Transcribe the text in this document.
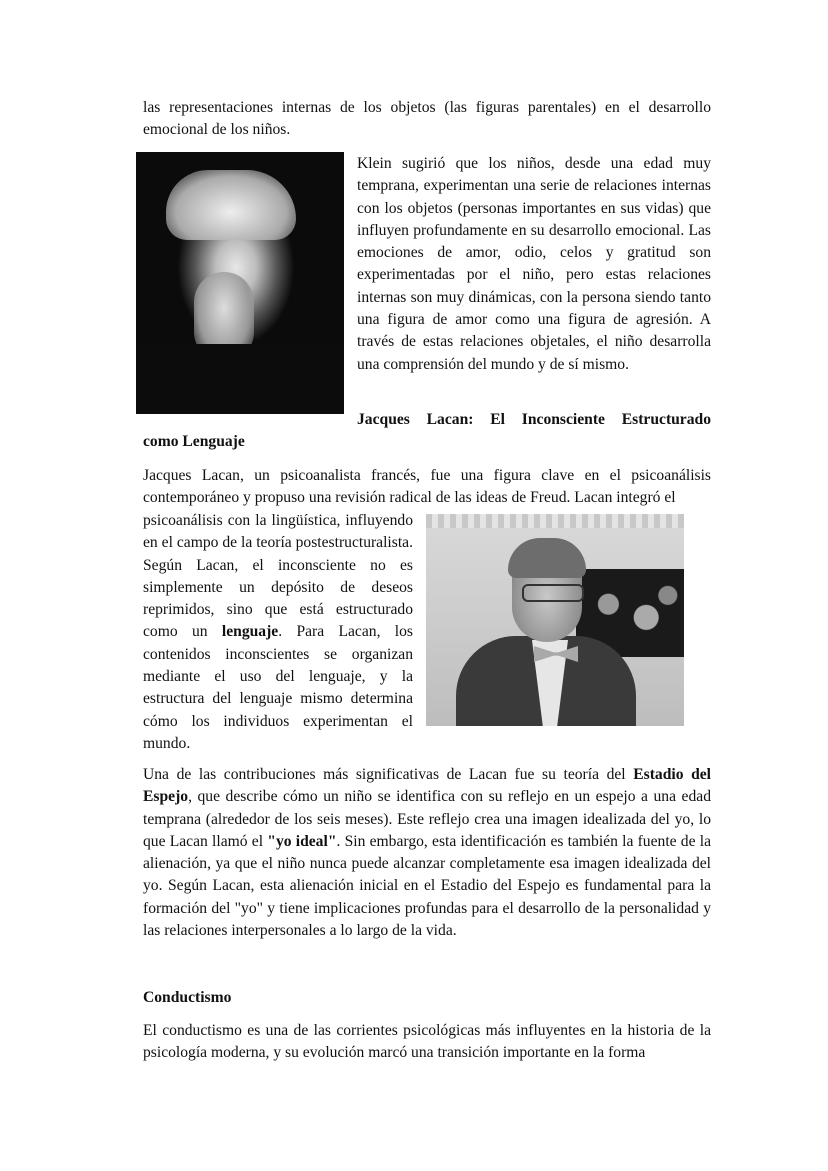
las representaciones internas de los objetos (las figuras parentales) en el desarrollo emocional de los niños.

Klein sugirió que los niños, desde una edad muy temprana, experimentan una serie de relaciones internas con los objetos (personas importantes en sus vidas) que influyen profundamente en su desarrollo emocional. Las emociones de amor, odio, celos y gratitud son experimentadas por el niño, pero estas relaciones internas son muy dinámicas, con la persona siendo tanto una figura de amor como una figura de agresión. A través de estas relaciones objetales, el niño desarrolla una comprensión del mundo y de sí mismo.

Jacques Lacan: El Inconsciente Estructurado

como Lenguaje

Jacques Lacan, un psicoanalista francés, fue una figura clave en el psicoanálisis contemporáneo y propuso una revisión radical de las ideas de Freud. Lacan integró el

psicoanálisis con la lingüística, influyendo en el campo de la teoría postestructuralista. Según Lacan, el inconsciente no es simplemente un depósito de deseos reprimidos, sino que está estructurado como un lenguaje. Para Lacan, los contenidos inconscientes se organizan mediante el uso del lenguaje, y la estructura del lenguaje mismo determina cómo los individuos experimentan el mundo.

Una de las contribuciones más significativas de Lacan fue su teoría del Estadio del Espejo, que describe cómo un niño se identifica con su reflejo en un espejo a una edad temprana (alrededor de los seis meses). Este reflejo crea una imagen idealizada del yo, lo que Lacan llamó el "yo ideal". Sin embargo, esta identificación es también la fuente de la alienación, ya que el niño nunca puede alcanzar completamente esa imagen idealizada del yo. Según Lacan, esta alienación inicial en el Estadio del Espejo es fundamental para la formación del "yo" y tiene implicaciones profundas para el desarrollo de la personalidad y las relaciones interpersonales a lo largo de la vida.

Conductismo

El conductismo es una de las corrientes psicológicas más influyentes en la historia de la psicología moderna, y su evolución marcó una transición importante en la forma
